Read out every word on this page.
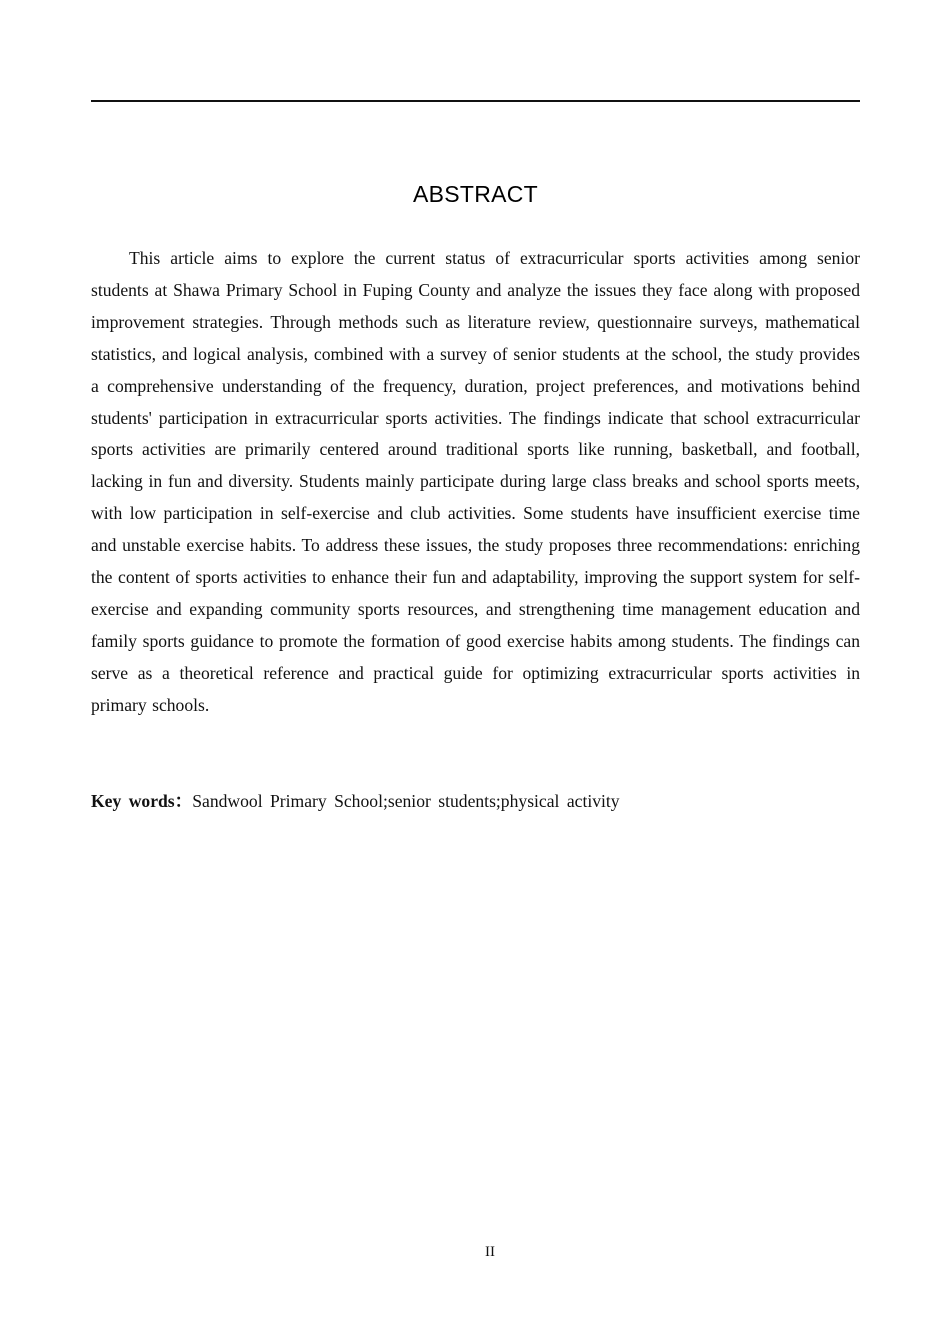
ABSTRACT

This article aims to explore the current status of extracurricular sports activities among senior students at Shawa Primary School in Fuping County and analyze the issues they face along with proposed improvement strategies. Through methods such as literature review, questionnaire surveys, mathematical statistics, and logical analysis, combined with a survey of senior students at the school, the study provides a comprehensive understanding of the frequency, duration, project preferences, and motivations behind students' participation in extracurricular sports activities. The findings indicate that school extracurricular sports activities are primarily centered around traditional sports like running, basketball, and football, lacking in fun and diversity. Students mainly participate during large class breaks and school sports meets, with low participation in self-exercise and club activities. Some students have insufficient exercise time and unstable exercise habits. To address these issues, the study proposes three recommendations: enriching the content of sports activities to enhance their fun and adaptability, improving the support system for self-exercise and expanding community sports resources, and strengthening time management education and family sports guidance to promote the formation of good exercise habits among students. The findings can serve as a theoretical reference and practical guide for optimizing extracurricular sports activities in primary schools.

Key words：Sandwool Primary School;senior students;physical activity

II
